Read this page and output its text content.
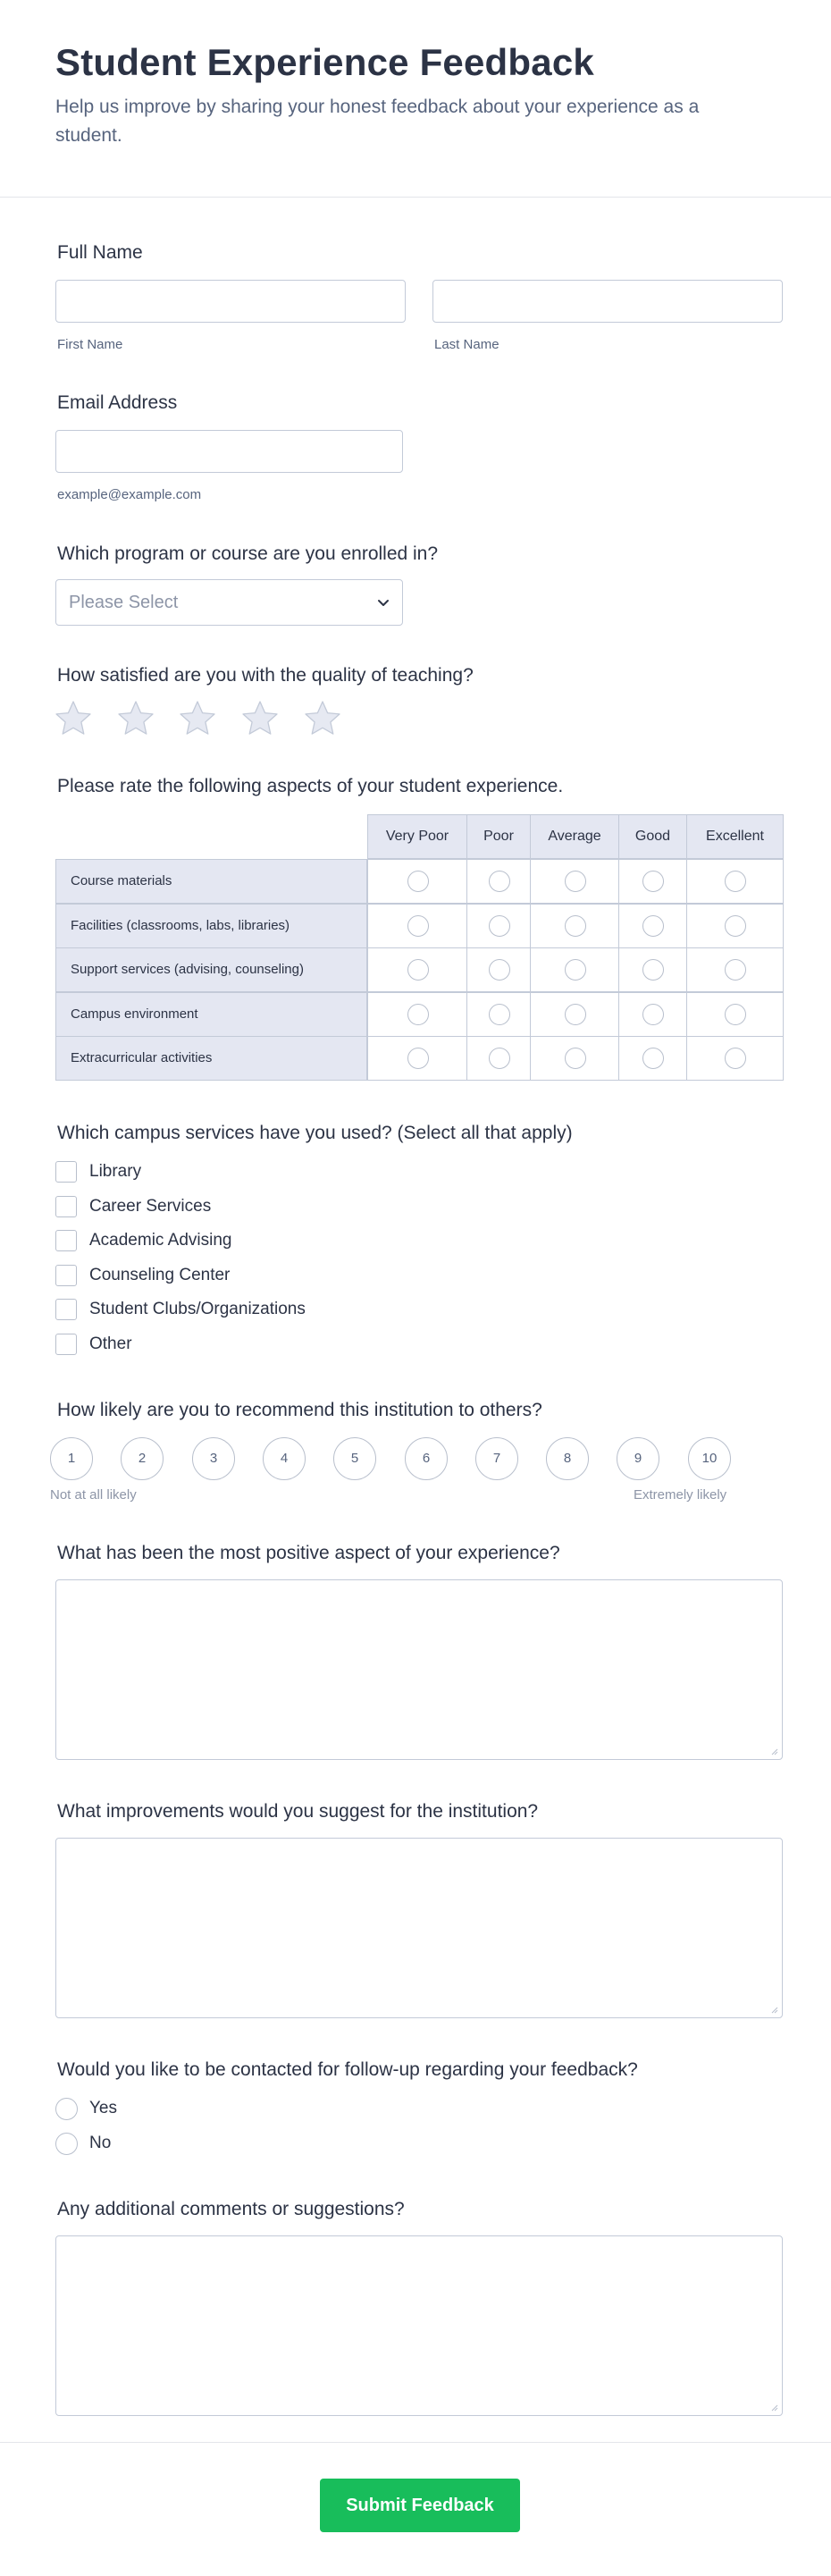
Student Experience Feedback
Help us improve by sharing your honest feedback about your experience as a student.
Full Name
First Name	Last Name
Email Address
example@example.com
Which program or course are you enrolled in?
Please Select
How satisfied are you with the quality of teaching?
Please rate the following aspects of your student experience.
Very Poor	Poor	Average	Good	Excellent
Course materials
Facilities (classrooms, labs, libraries)
Support services (advising, counseling)
Campus environment
Extracurricular activities
Which campus services have you used? (Select all that apply)
Library
Career Services
Academic Advising
Counseling Center
Student Clubs/Organizations
Other
How likely are you to recommend this institution to others?
1	2	3	4	5	6	7	8	9	10
Not at all likely	Extremely likely
What has been the most positive aspect of your experience?
What improvements would you suggest for the institution?
Would you like to be contacted for follow-up regarding your feedback?
Yes
No
Any additional comments or suggestions?
Submit Feedback
